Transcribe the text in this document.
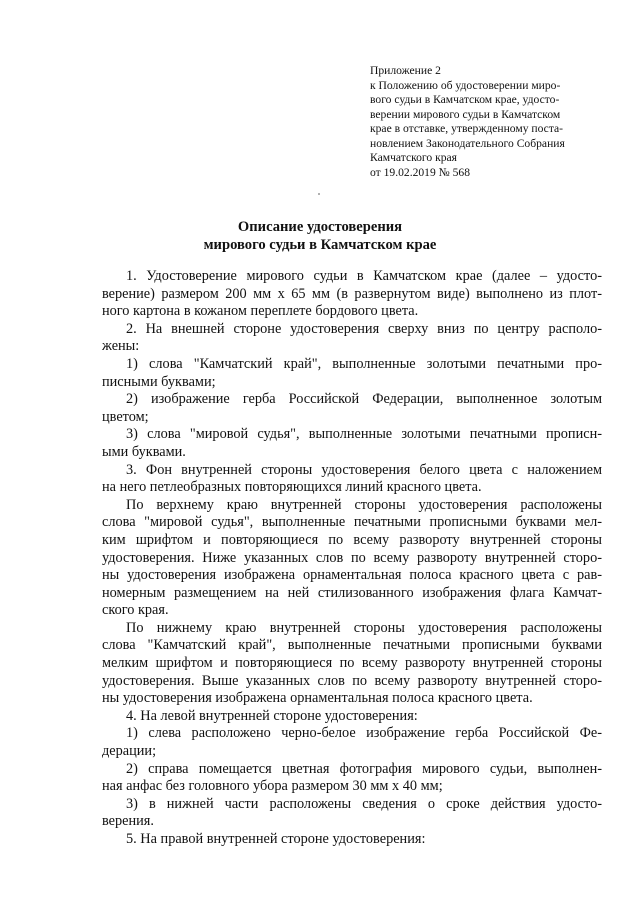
Приложение 2
к Положению об удостоверении миро-
вого судьи в Камчатском крае, удосто-
верении мирового судьи в Камчатском
крае в отставке, утвержденному поста-
новлением Законодательного Собрания
Камчатского края
от 19.02.2019 № 568
Описание удостоверения
мирового судьи в Камчатском крае
1. Удостоверение мирового судьи в Камчатском крае (далее – удосто-
верение) размером 200 мм x 65 мм (в развернутом виде) выполнено из плот-
ного картона в кожаном переплете бордового цвета.
2. На внешней стороне удостоверения сверху вниз по центру располо-
жены:
1) слова "Камчатский край", выполненные золотыми печатными про-
писными буквами;
2) изображение герба Российской Федерации, выполненное золотым
цветом;
3) слова "мировой судья", выполненные золотыми печатными прописн-
ыми буквами.
3. Фон внутренней стороны удостоверения белого цвета с наложением
на него петлеобразных повторяющихся линий красного цвета.
По верхнему краю внутренней стороны удостоверения расположены
слова "мировой судья", выполненные печатными прописными буквами мел-
ким шрифтом и повторяющиеся по всему развороту внутренней стороны
удостоверения. Ниже указанных слов по всему развороту внутренней сторо-
ны удостоверения изображена орнаментальная полоса красного цвета с рав-
номерным размещением на ней стилизованного изображения флага Камчат-
ского края.
По нижнему краю внутренней стороны удостоверения расположены
слова "Камчатский край", выполненные печатными прописными буквами
мелким шрифтом и повторяющиеся по всему развороту внутренней стороны
удостоверения. Выше указанных слов по всему развороту внутренней сторо-
ны удостоверения изображена орнаментальная полоса красного цвета.
4. На левой внутренней стороне удостоверения:
1) слева расположено черно-белое изображение герба Российской Фе-
дерации;
2) справа помещается цветная фотография мирового судьи, выполнен-
ная анфас без головного убора размером 30 мм x 40 мм;
3) в нижней части расположены сведения о сроке действия удосто-
верения.
5. На правой внутренней стороне удостоверения:
